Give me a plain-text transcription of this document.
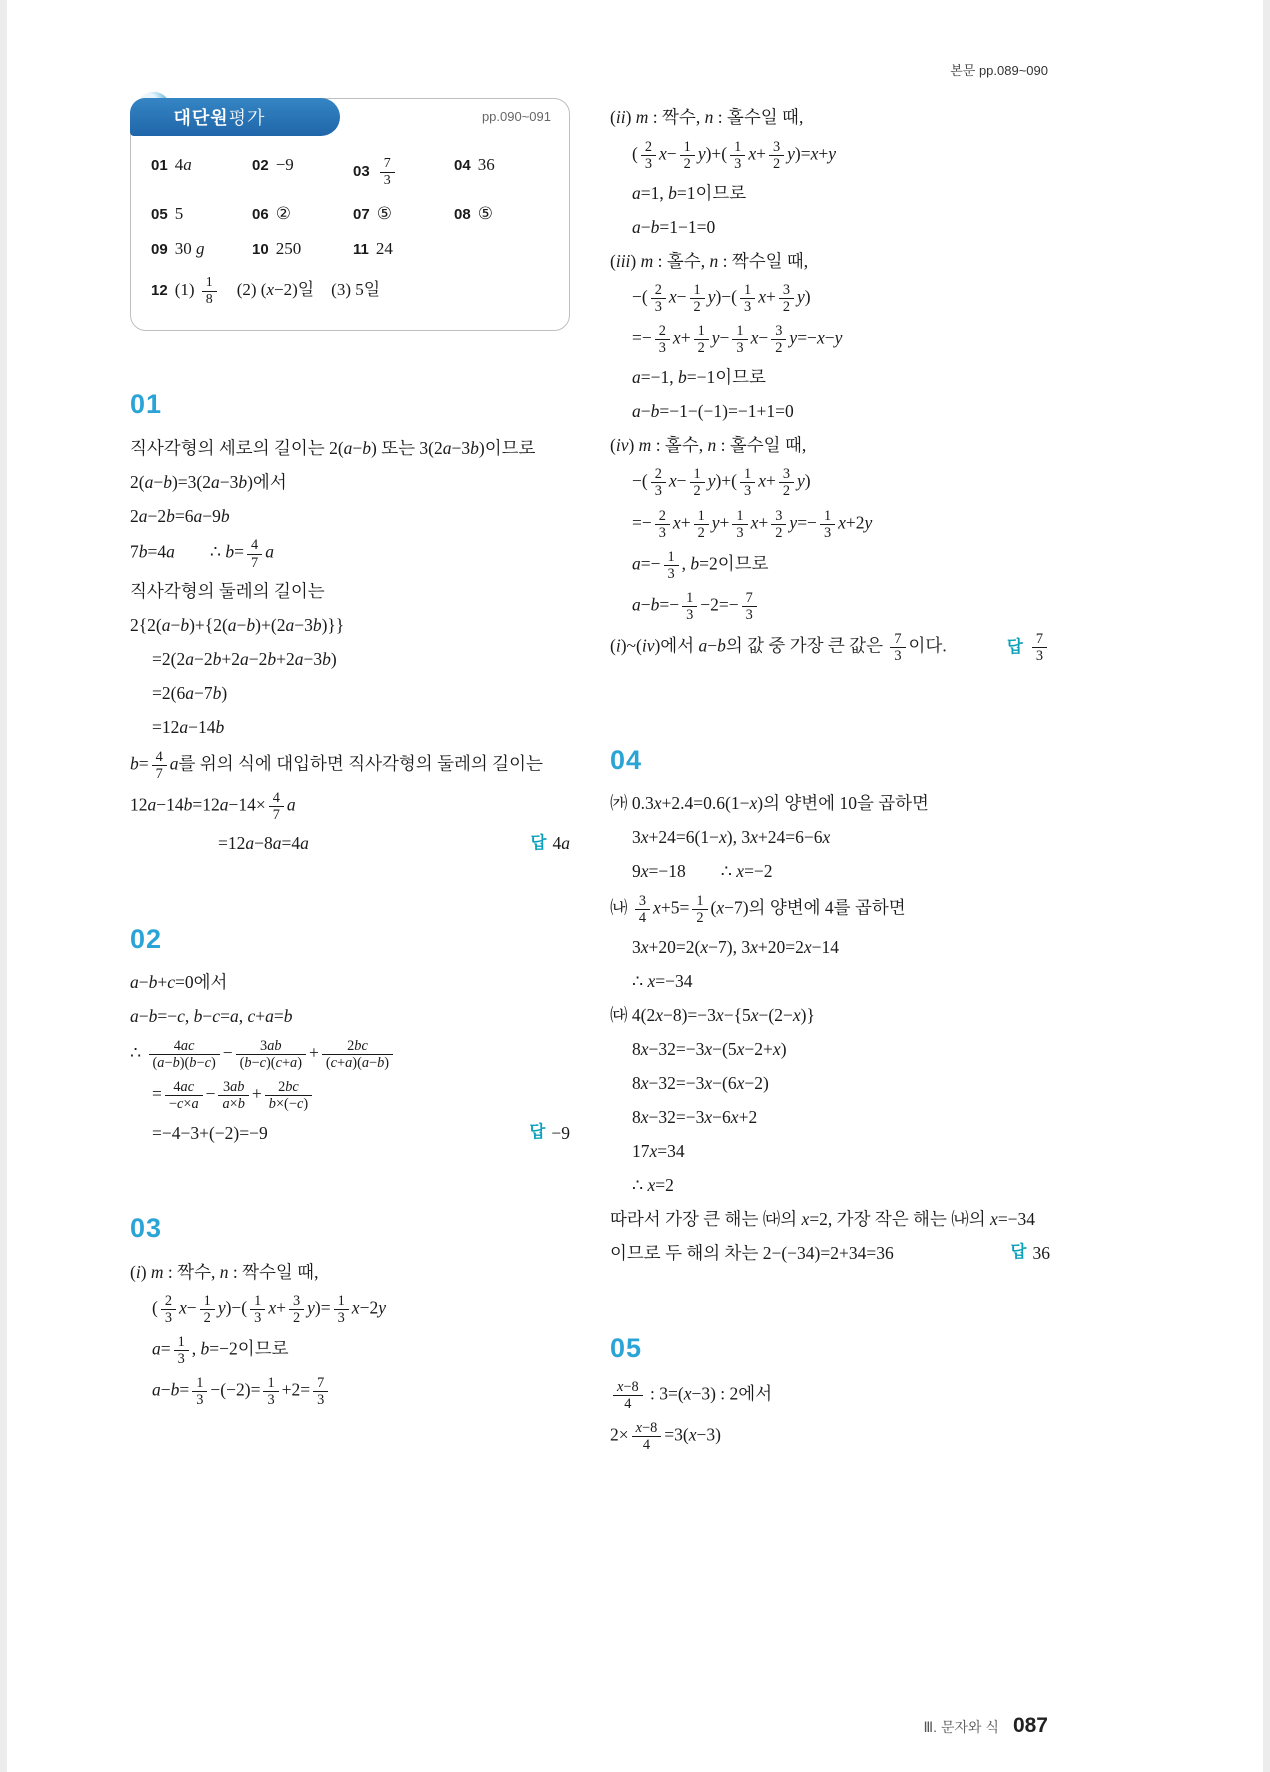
본문 pp.089~090
대단원평가	pp.090~091
01 4a	02 −9	$03 \frac{7}{3}$	04 36
05 5	06 ②	07 ⑤	08 ⑤
09 30 g	10 250	11 24
12 $(1) \frac{1}{8}$  (2) (x−2)일 (3) 5일
01
직사각형의 세로의 길이는 2(a−b) 또는 3(2a−3b)이므로
2(a−b)=3(2a−3b)에서
2a−2b=6a−9b
7b=4a  ∴ $b= \frac{4}{7}$ a
직사각형의 둘레의 길이는
2{2(a−b)+{2(a−b)+(2a−3b)}}
=2(2a−2b+2a−2b+2a−3b)
=2(6a−7b)
=12a−14b
$b= \frac{4}{7}$ a를 위의 식에 대입하면 직사각형의 둘레의 길이는
$12a-14b=12a-14\times \frac{4}{7}$ a
=12a−8a=4a	답 4a
02
a−b+c=0에서
a−b=−c, b−c=a, c+a=b
∴ $\frac{4ac}{(a-b)(b-c)} - \frac{3ab}{(b-c)(c+a)} + \frac{2bc}{(c+a)(a-b)}$
= $\frac{4ac}{-c\times a} - \frac{3ab}{a\times b} + \frac{2bc}{b\times(-c)}$
=−4−3+(−2)=−9	답 −9
03
(i) m : 짝수, n : 짝수일 때,
( $\frac{2}{3} x- \frac{1}{2} y)-( \frac{1}{3} x+ \frac{3}{2} y)= \frac{1}{3} x-2y$
$a= \frac{1}{3}$ , b=−2이므로
$a-b= \frac{1}{3} -(-2)= \frac{1}{3} +2= \frac{7}{3}$
(ii) m : 짝수, n : 홀수일 때,
( $\frac{2}{3} x- \frac{1}{2} y)+( \frac{1}{3} x+ \frac{3}{2} y)=x+y$
a=1, b=1이므로
a−b=1−1=0
(iii) m : 홀수, n : 짝수일 때,
−( $\frac{2}{3} x- \frac{1}{2} y)-( \frac{1}{3} x+ \frac{3}{2} y)$
=− $\frac{2}{3} x+ \frac{1}{2} y- \frac{1}{3} x- \frac{3}{2} y=-x-y$
a=−1, b=−1이므로
a−b=−1−(−1)=−1+1=0
(iv) m : 홀수, n : 홀수일 때,
−( $\frac{2}{3} x- \frac{1}{2} y)+( \frac{1}{3} x+ \frac{3}{2} y)$
=− $\frac{2}{3} x+ \frac{1}{2} y+ \frac{1}{3} x+ \frac{3}{2} y=- \frac{1}{3} x+2y$
$a=- \frac{1}{3}$ , b=2이므로
$a-b=- \frac{1}{3} -2=- \frac{7}{3}$
(i)~(iv)에서 a−b의 값 중 가장 큰 값은 $\frac{7}{3}$ 이다.	답 $\frac{7}{3}$
04
㈎ 0.3x+2.4=0.6(1−x)의 양변에 10을 곱하면
3x+24=6(1−x), 3x+24=6−6x
9x=−18  ∴ x=−2
㈏ $\frac{3}{4} x+5= \frac{1}{2} (x-7)$의 양변에 4를 곱하면
3x+20=2(x−7), 3x+20=2x−14
∴ x=−34
㈐ 4(2x−8)=−3x−{5x−(2−x)}
8x−32=−3x−(5x−2+x)
8x−32=−3x−(6x−2)
8x−32=−3x−6x+2
17x=34
∴ x=2
따라서 가장 큰 해는 ㈐의 x=2, 가장 작은 해는 ㈏의 x=−34
이므로 두 해의 차는 2−(−34)=2+34=36	답 36
05
$\frac{x-8}{4}$ : 3=(x−3) : 2에서
$2\times \frac{x-8}{4} =3(x-3)$
Ⅲ. 문자와 식 087
